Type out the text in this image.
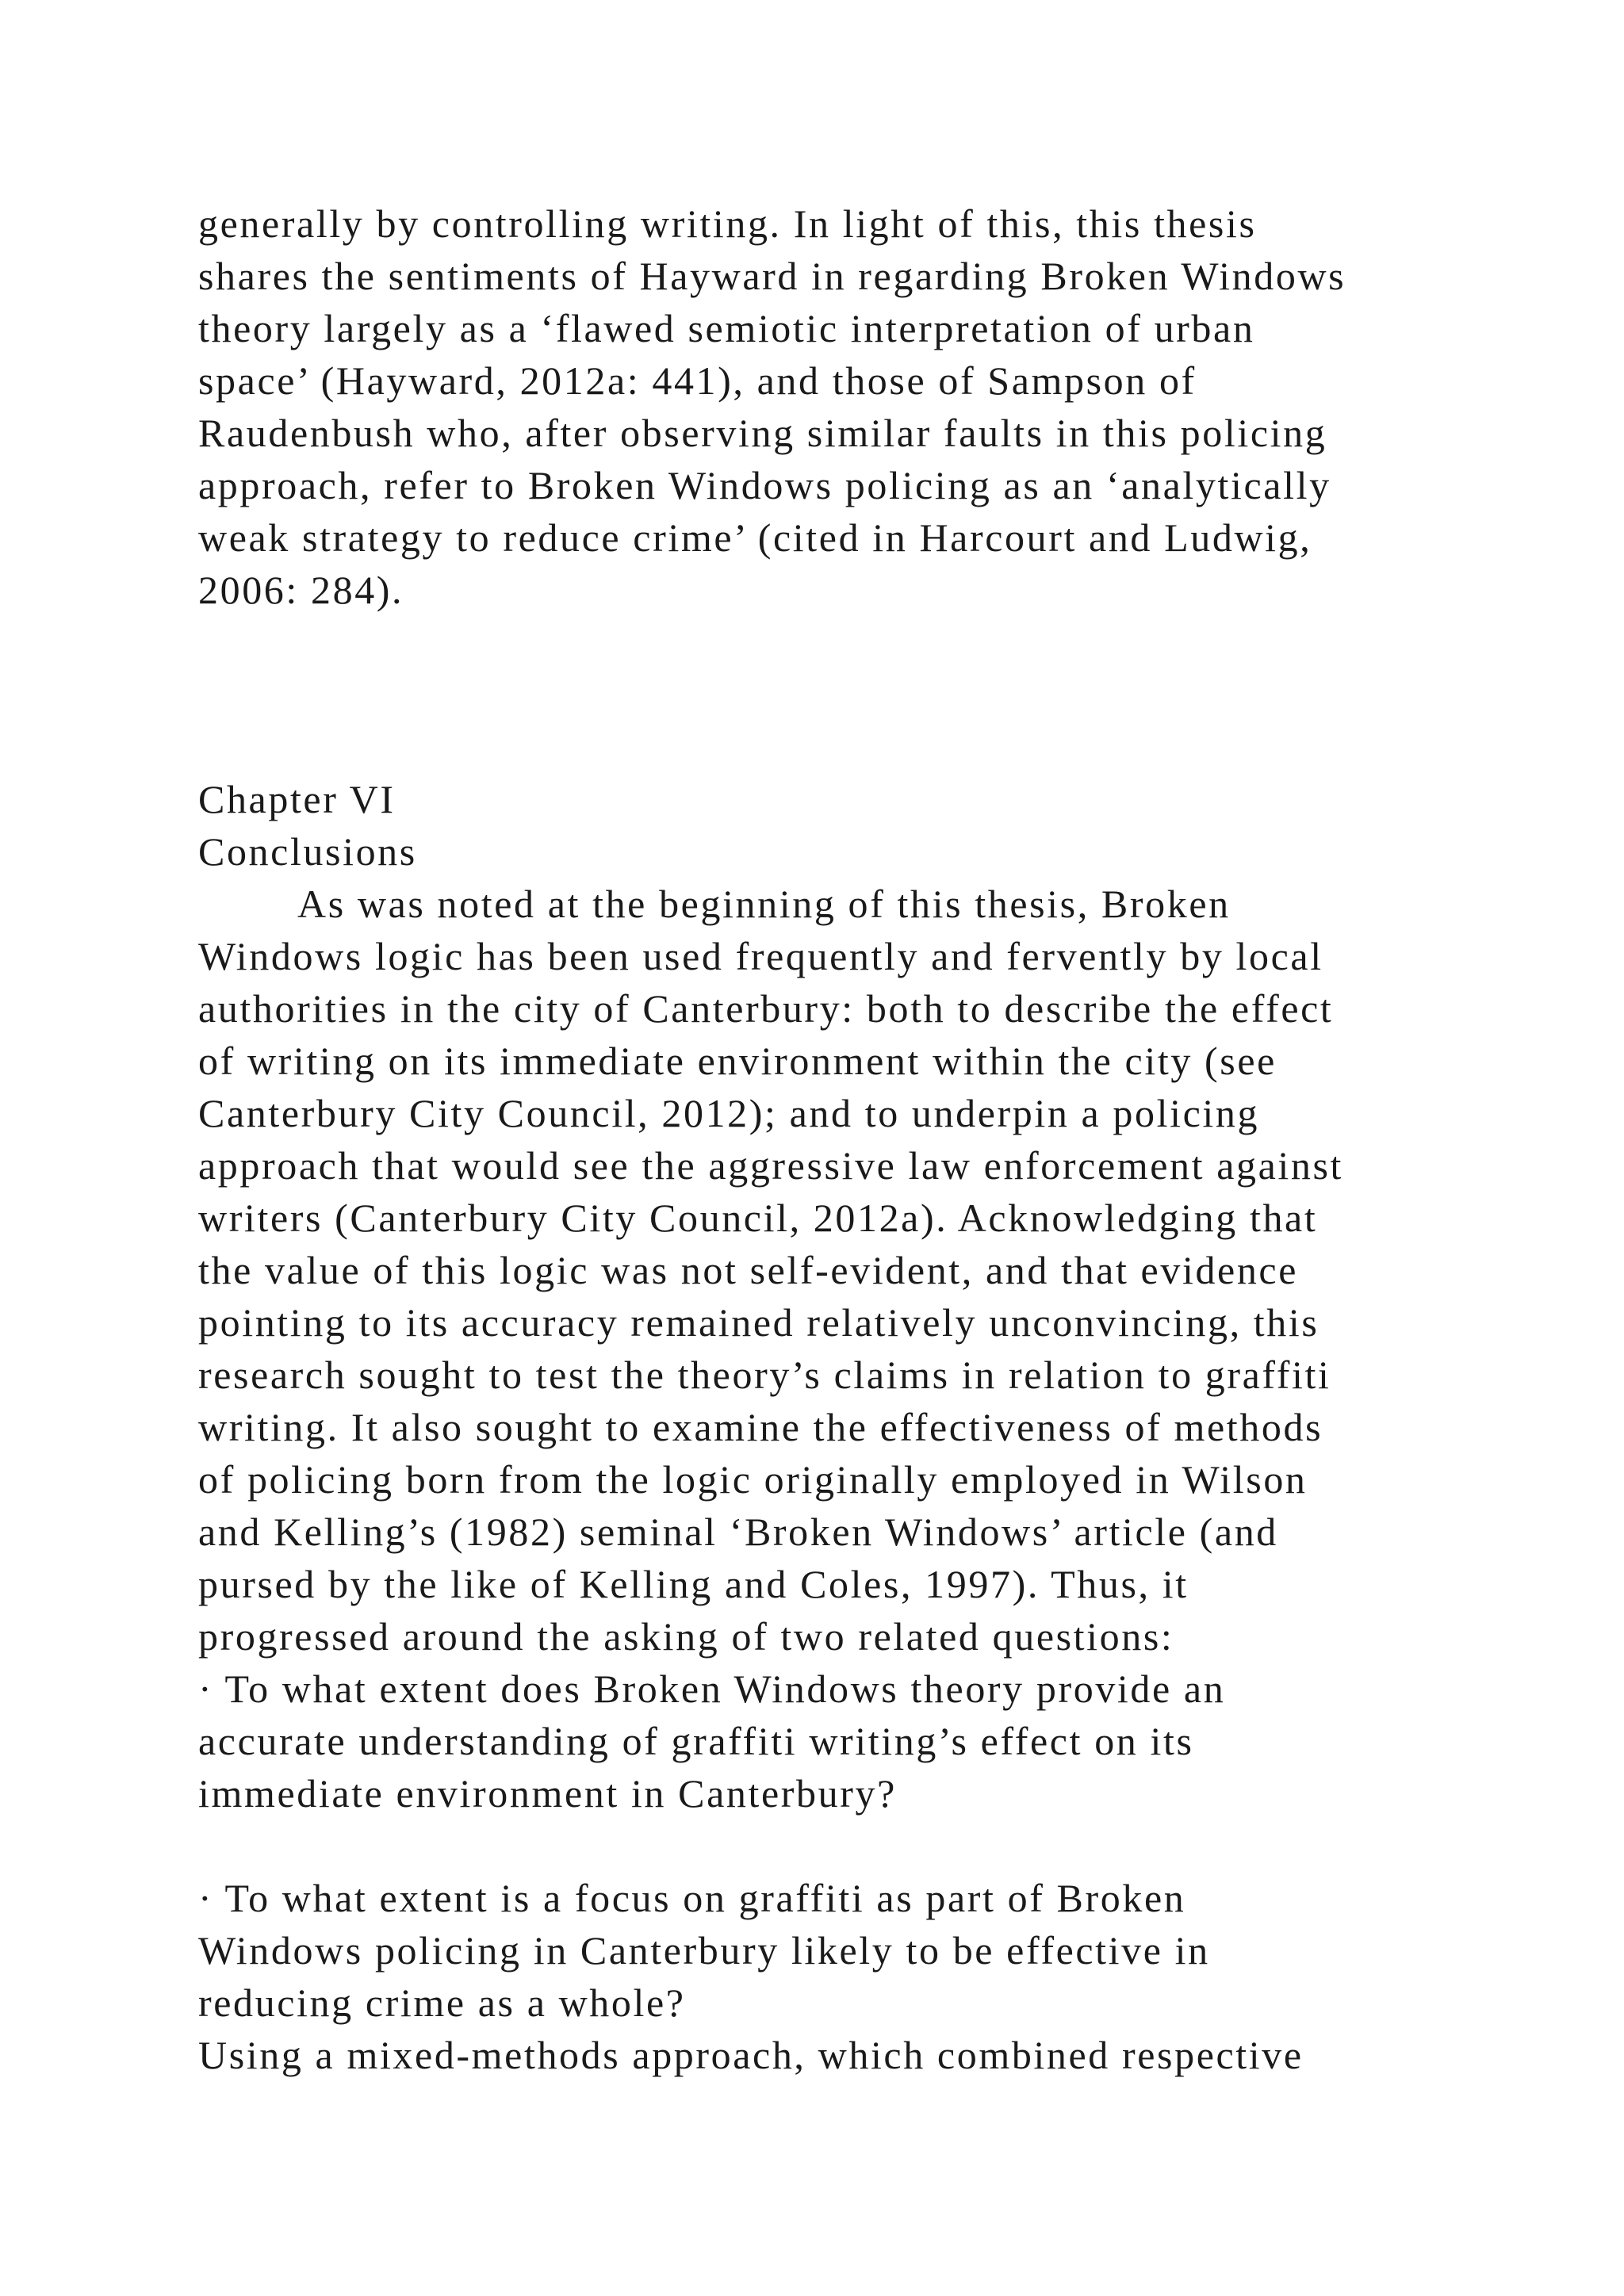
generally by controlling writing. In light of this, this thesis
shares the sentiments of Hayward in regarding Broken Windows
theory largely as a ‘flawed semiotic interpretation of urban
space’ (Hayward, 2012a: 441), and those of Sampson of
Raudenbush who, after observing similar faults in this policing
approach, refer to Broken Windows policing as an ‘analytically
weak strategy to reduce crime’ (cited in Harcourt and Ludwig,
2006: 284).
Chapter VI
Conclusions
As was noted at the beginning of this thesis, Broken
Windows logic has been used frequently and fervently by local
authorities in the city of Canterbury: both to describe the effect
of writing on its immediate environment within the city (see
Canterbury City Council, 2012); and to underpin a policing
approach that would see the aggressive law enforcement against
writers (Canterbury City Council, 2012a). Acknowledging that
the value of this logic was not self-evident, and that evidence
pointing to its accuracy remained relatively unconvincing, this
research sought to test the theory’s claims in relation to graffiti
writing. It also sought to examine the effectiveness of methods
of policing born from the logic originally employed in Wilson
and Kelling’s (1982) seminal ‘Broken Windows’ article (and
pursed by the like of Kelling and Coles, 1997). Thus, it
progressed around the asking of two related questions:
· To what extent does Broken Windows theory provide an
accurate understanding of graffiti writing’s effect on its
immediate environment in Canterbury?
· To what extent is a focus on graffiti as part of Broken
Windows policing in Canterbury likely to be effective in
reducing crime as a whole?
Using a mixed-methods approach, which combined respective
